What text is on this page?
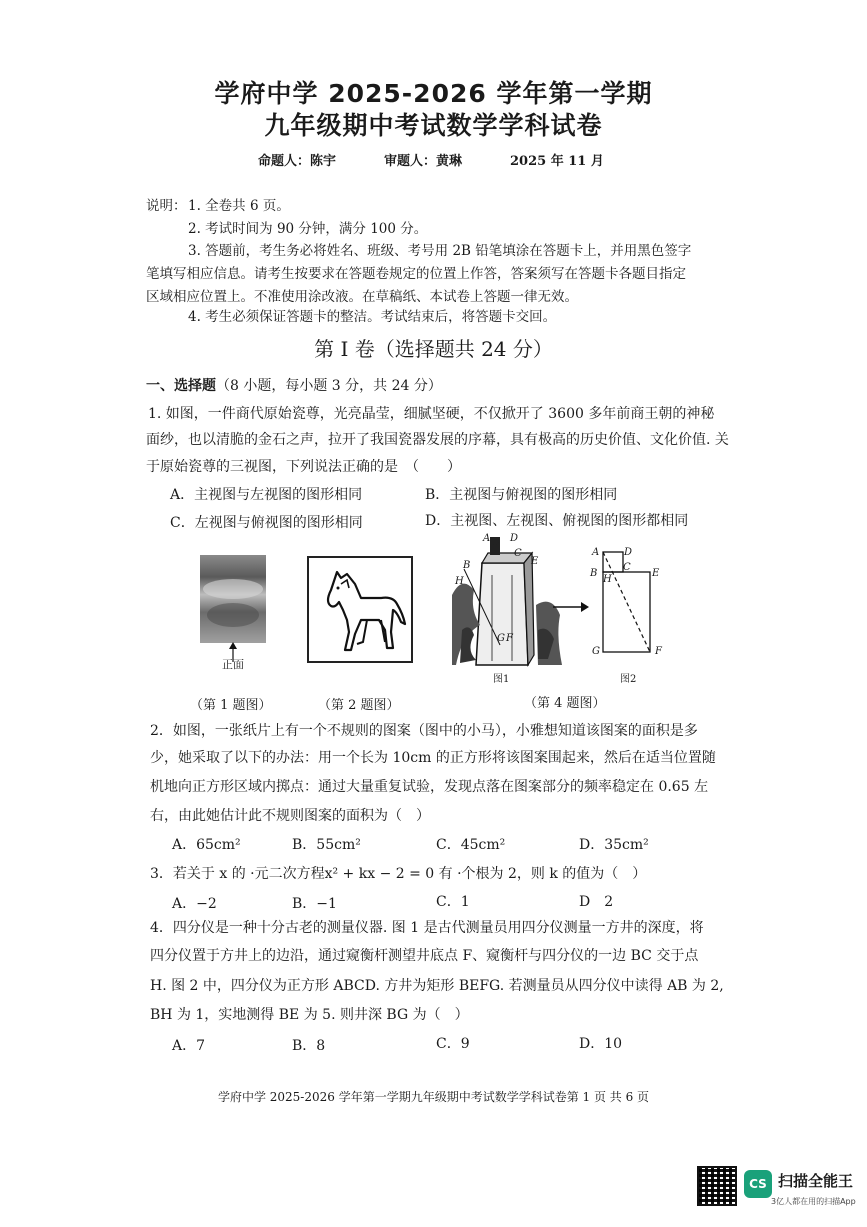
学府中学 2025-2026 学年第一学期
九年级期中考试数学学科试卷
命题人：陈宇	审题人：黄琳	2025 年 11 月
说明： 1. 全卷共 6 页。
2. 考试时间为 90 分钟，满分 100 分。
3. 答题前，考生务必将姓名、班级、考号用 2B 铅笔填涂在答题卡上，并用黑色签字
笔填写相应信息。请考生按要求在答题卷规定的位置上作答，答案须写在答题卡各题目指定
区域相应位置上。不准使用涂改液。在草稿纸、本试卷上答题一律无效。
4. 考生必须保证答题卡的整洁。考试结束后，将答题卡交回。
第 I 卷（选择题共 24 分）
一、选择题（8 小题，每小题 3 分，共 24 分）
1. 如图，一件商代原始瓷尊，光亮晶莹，细腻坚硬，不仅掀开了 3600 多年前商王朝的神秘
面纱，也以清脆的金石之声，拉开了我国瓷器发展的序幕，具有极高的历史价值、文化价值. 关
于原始瓷尊的三视图，下列说法正确的是　（　　）
A．主视图与左视图的图形相同	B．主视图与俯视图的图形相同
C．左视图与俯视图的图形相同	D．主视图、左视图、俯视图的图形都相同
正面
A D
C
E
H
B
G F
图1
A D
B
C
H
E
G	F
图2
（第 1 题图）	（第 2 题图）	（第 4 题图）
2．如图，一张纸片上有一个不规则的图案（图中的小马），小雅想知道该图案的面积是多
少，她采取了以下的办法：用一个长为 10cm 的正方形将该图案围起来，然后在适当位置随
机地向正方形区域内掷点：通过大量重复试验，发现点落在图案部分的频率稳定在 0.65 左
右，由此她估计此不规则图案的面积为（　）
A．65cm²	B．55cm²	C．45cm²	D．35cm²
3．若关于 x 的 ·元二次方程x² + kx − 2 = 0 有 ·个根为 2，则 k 的值为（　）
A．−2	B．−1	C．1	D　2
4．四分仪是一种十分古老的测量仪器. 图 1 是古代测量员用四分仪测量一方井的深度，将
四分仪置于方井上的边沿，通过窥衡杆测望井底点 F、窥衡杆与四分仪的一边 BC 交于点
H. 图 2 中，四分仪为正方形 ABCD. 方井为矩形 BEFG. 若测量员从四分仪中读得 AB 为 2,
BH 为 1，实地测得 BE 为 5. 则井深 BG 为（　）
A．7	B．8	C．9	D．10
学府中学 2025-2026 学年第一学期九年级期中考试数学学科试卷第 1 页 共 6 页
CS 扫描全能王
3亿人都在用的扫描App
